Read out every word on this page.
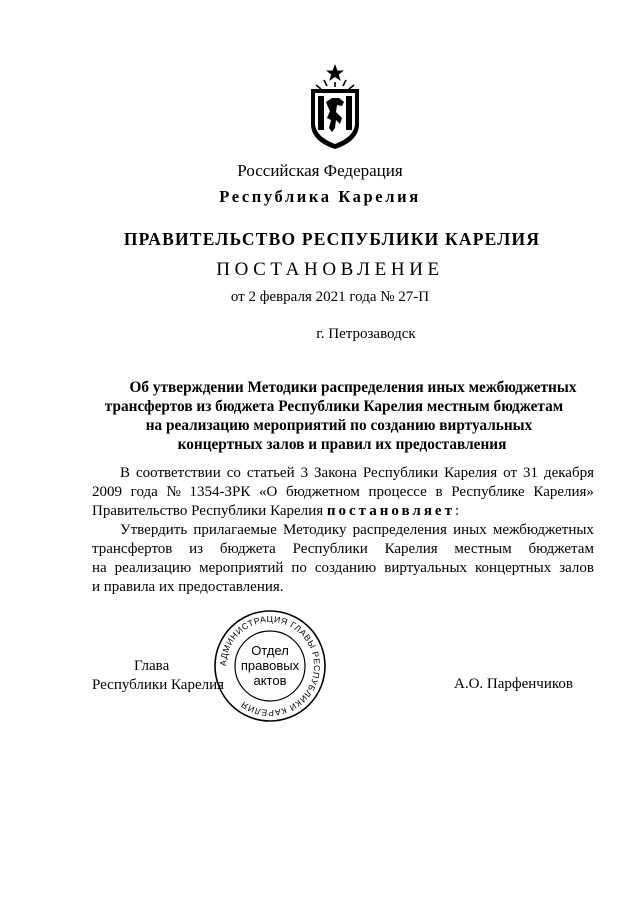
Российская Федерация
Республика Карелия
ПРАВИТЕЛЬСТВО РЕСПУБЛИКИ КАРЕЛИЯ
ПОСТАНОВЛЕНИЕ
от 2 февраля 2021 года № 27-П
г. Петрозаводск
Об утверждении Методики распределения иных межбюджетных
трансфертов из бюджета Республики Карелия местным бюджетам
на реализацию мероприятий по созданию виртуальных
концертных залов и правил их предоставления
В соответствии со статьей 3 Закона Республики Карелия от 31 декабря
2009 года № 1354-ЗРК «О бюджетном процессе в Республике Карелия»
Правительство Республики Карелия постановляет :
Утвердить прилагаемые Методику распределения иных межбюджетных
трансфертов из бюджета Республики Карелия местным бюджетам
на реализацию мероприятий по созданию виртуальных концертных залов
и правила их предоставления.
Глава
Республики Карелия	А.О. Парфенчиков
АДМИНИСТРАЦИЯ ГЛАВЫ РЕСПУБЛИКИ КАРЕЛИЯ
Отдел
правовых
актов
